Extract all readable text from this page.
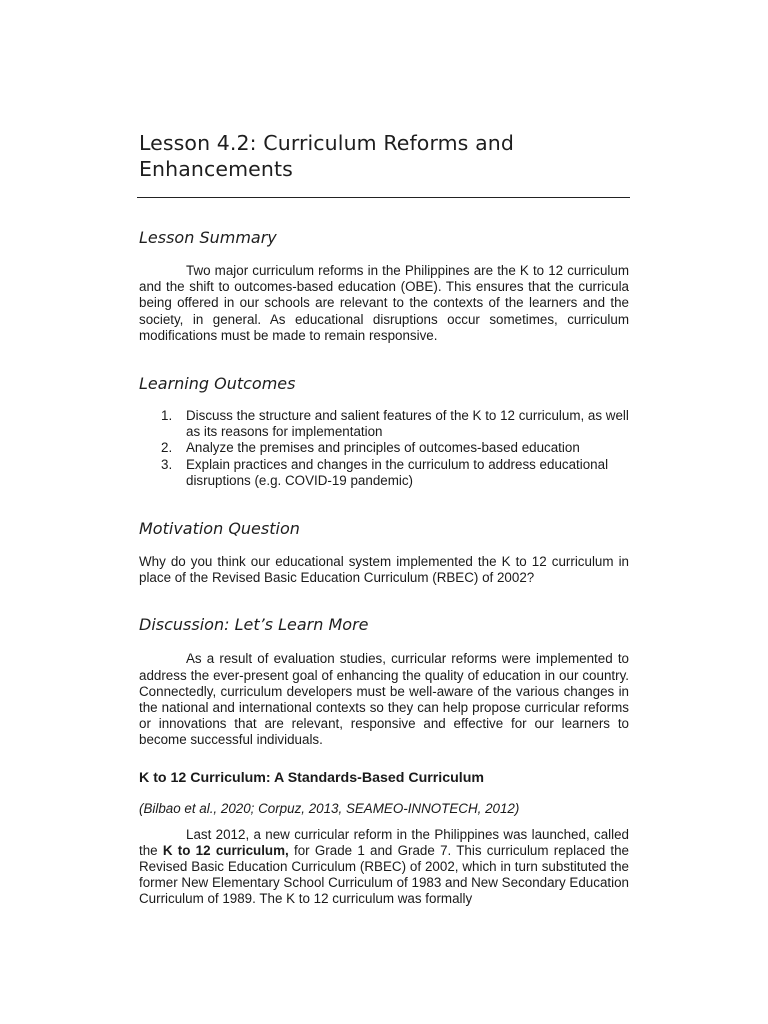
Lesson 4.2: Curriculum Reforms and
Enhancements
Lesson Summary

Two major curriculum reforms in the Philippines are the K to 12 curriculum and the shift to outcomes-based education (OBE). This ensures that the curricula being offered in our schools are relevant to the contexts of the learners and the society, in general. As educational disruptions occur sometimes, curriculum modifications must be made to remain responsive.

Learning Outcomes
1.	Discuss the structure and salient features of the K to 12 curriculum, as well as its reasons for implementation
2.	Analyze the premises and principles of outcomes-based education
3.	Explain practices and changes in the curriculum to address educational disruptions (e.g. COVID-19 pandemic)
Motivation Question

Why do you think our educational system implemented the K to 12 curriculum in place of the Revised Basic Education Curriculum (RBEC) of 2002?

Discussion: Let’s Learn More

As a result of evaluation studies, curricular reforms were implemented to address the ever-present goal of enhancing the quality of education in our country. Connectedly, curriculum developers must be well-aware of the various changes in the national and international contexts so they can help propose curricular reforms or innovations that are relevant, responsive and effective for our learners to become successful individuals.

K to 12 Curriculum: A Standards-Based Curriculum

(Bilbao et al., 2020; Corpuz, 2013, SEAMEO-INNOTECH, 2012)

Last 2012, a new curricular reform in the Philippines was launched, called the K to 12 curriculum, for Grade 1 and Grade 7. This curriculum replaced the Revised Basic Education Curriculum (RBEC) of 2002, which in turn substituted the former New Elementary School Curriculum of 1983 and New Secondary Education Curriculum of 1989. The K to 12 curriculum was formally
